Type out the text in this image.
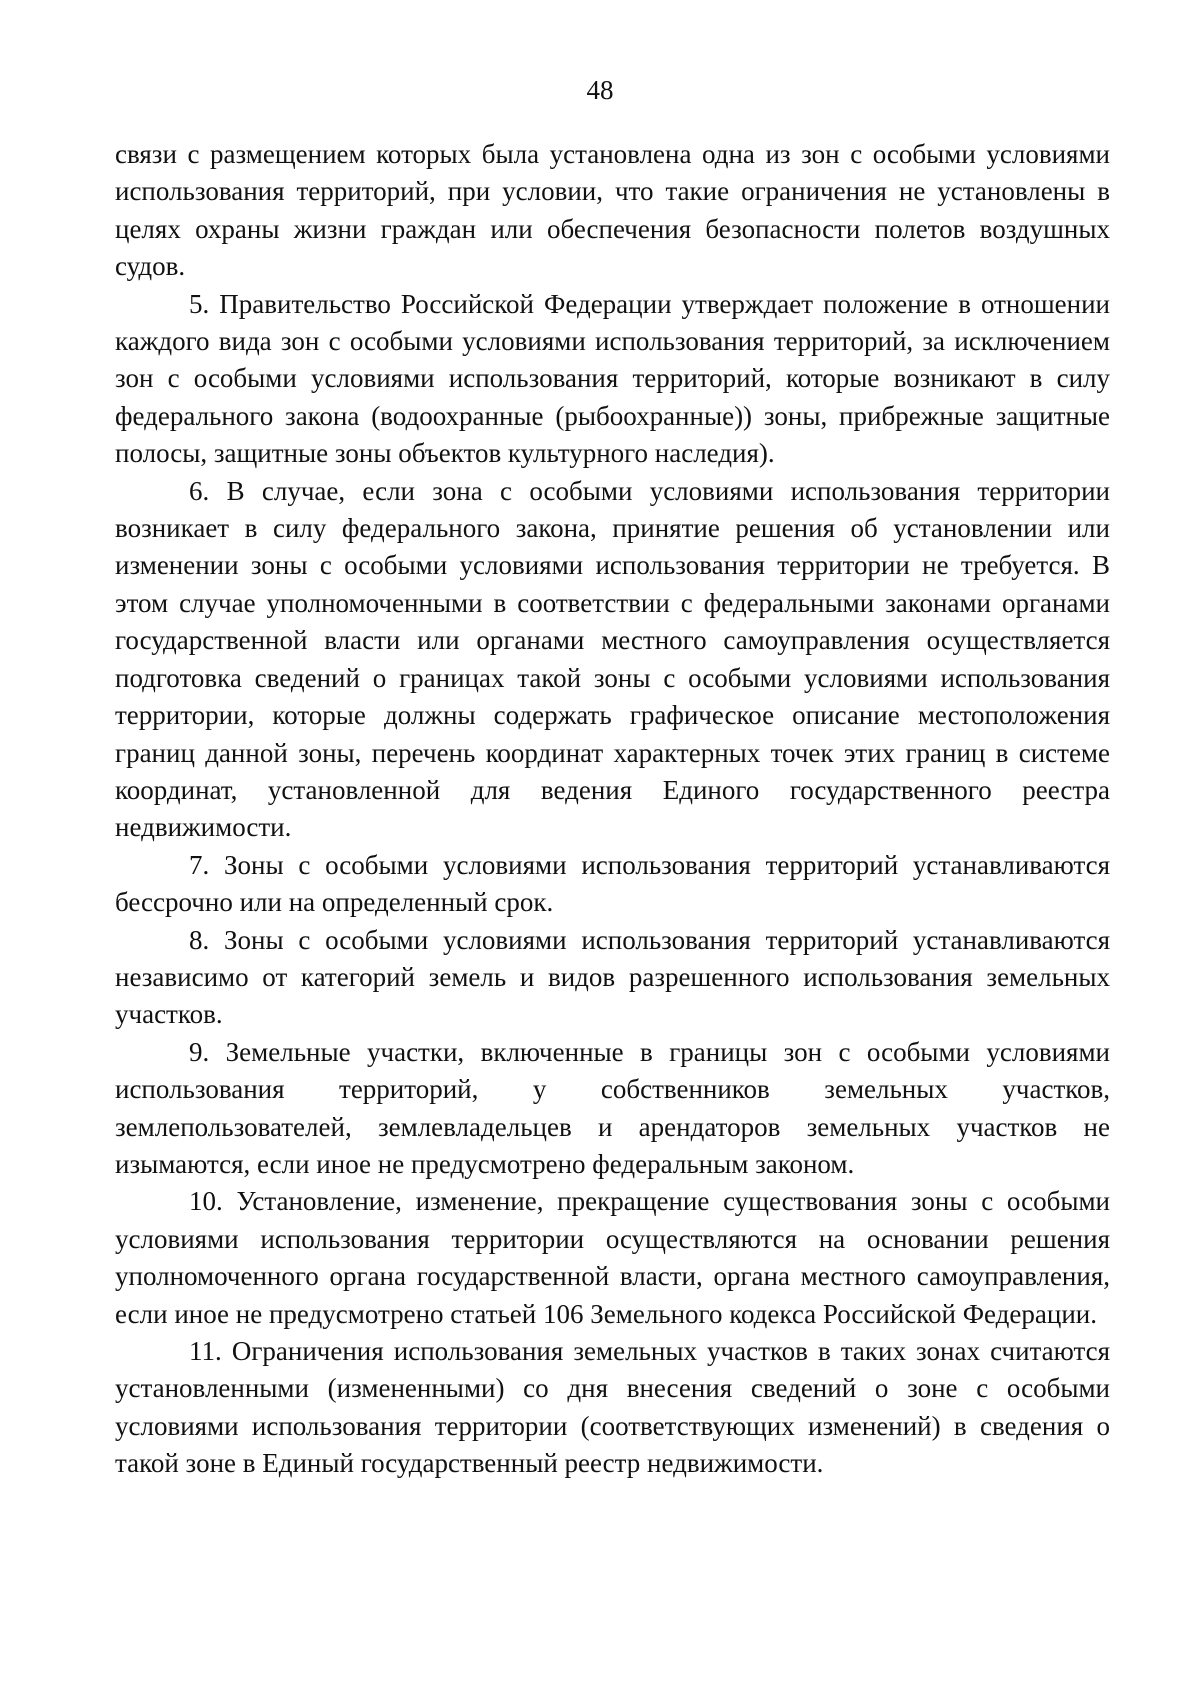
48

связи с размещением которых была установлена одна из зон с особыми условиями использования территорий, при условии, что такие ограничения не установлены в целях охраны жизни граждан или обеспечения безопасности полетов воздушных судов.

5. Правительство Российской Федерации утверждает положение в отношении каждого вида зон с особыми условиями использования территорий, за исключением зон с особыми условиями использования территорий, которые возникают в силу федерального закона (водоохранные (рыбоохранные)) зоны, прибрежные защитные полосы, защитные зоны объектов культурного наследия).

6. В случае, если зона с особыми условиями использования территории возникает в силу федерального закона, принятие решения об установлении или изменении зоны с особыми условиями использования территории не требуется. В этом случае уполномоченными в соответствии с федеральными законами органами государственной власти или органами местного самоуправления осуществляется подготовка сведений о границах такой зоны с особыми условиями использования территории, которые должны содержать графическое описание местоположения границ данной зоны, перечень координат характерных точек этих границ в системе координат, установленной для ведения Единого государственного реестра недвижимости.

7. Зоны с особыми условиями использования территорий устанавливаются бессрочно или на определенный срок.

8. Зоны с особыми условиями использования территорий устанавливаются независимо от категорий земель и видов разрешенного использования земельных участков.

9. Земельные участки, включенные в границы зон с особыми условиями использования территорий, у собственников земельных участков, землепользователей, землевладельцев и арендаторов земельных участков не изымаются, если иное не предусмотрено федеральным законом.

10. Установление, изменение, прекращение существования зоны с особыми условиями использования территории осуществляются на основании решения уполномоченного органа государственной власти, органа местного самоуправления, если иное не предусмотрено статьей 106 Земельного кодекса Российской Федерации.

11. Ограничения использования земельных участков в таких зонах считаются установленными (измененными) со дня внесения сведений о зоне с особыми условиями использования территории (соответствующих изменений) в сведения о такой зоне в Единый государственный реестр недвижимости.
